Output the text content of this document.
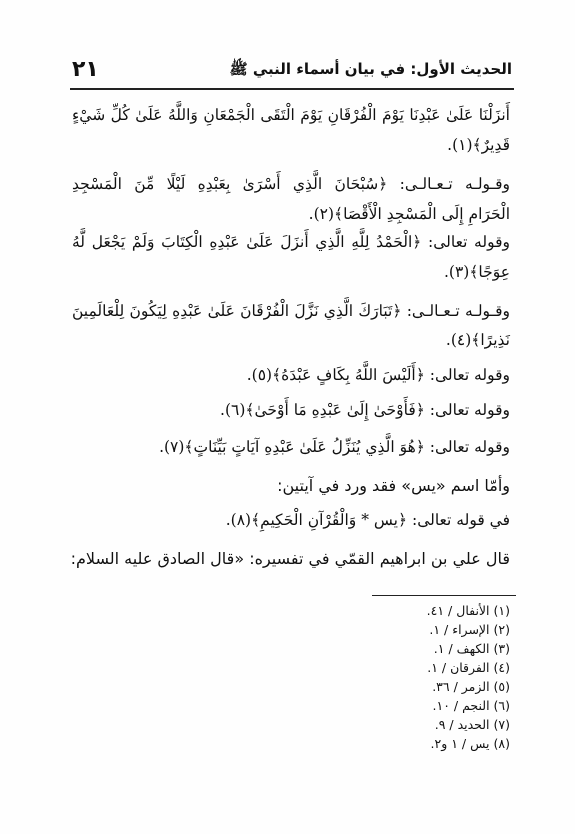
٢١	الحديث الأول: في بيان أسماء النبي ﷺ
أَنزَلْنَا عَلَىٰ عَبْدِنَا يَوْمَ الْفُرْقَانِ يَوْمَ الْتَقَى الْجَمْعَانِ وَاللَّهُ عَلَىٰ كُلِّ شَيْءٍ
قَدِيرٌ﴾(١).
وقـولـه تـعـالـى: ﴿سُبْحَانَ الَّذِي أَسْرَىٰ بِعَبْدِهِ لَيْلًا مِّنَ الْمَسْجِدِ
الْحَرَامِ إِلَى الْمَسْجِدِ الْأَقْصَا﴾(٢).
وقوله تعالى: ﴿الْحَمْدُ لِلَّهِ الَّذِي أَنزَلَ عَلَىٰ عَبْدِهِ الْكِتَابَ وَلَمْ يَجْعَل لَّهُ
عِوَجًا﴾(٣).
وقـولـه تـعـالـى: ﴿تَبَارَكَ الَّذِي نَزَّلَ الْفُرْقَانَ عَلَىٰ عَبْدِهِ لِيَكُونَ لِلْعَالَمِينَ
نَذِيرًا﴾(٤).
وقوله تعالى: ﴿أَلَيْسَ اللَّهُ بِكَافٍ عَبْدَهُ﴾(٥).
وقوله تعالى: ﴿فَأَوْحَىٰ إِلَىٰ عَبْدِهِ مَا أَوْحَىٰ﴾(٦).
وقوله تعالى: ﴿هُوَ الَّذِي يُنَزِّلُ عَلَىٰ عَبْدِهِ آيَاتٍ بَيِّنَاتٍ﴾(٧).
وأمّا اسم «يس» فقد ورد في آيتين:
في قوله تعالى: ﴿يس * وَالْقُرْآنِ الْحَكِيمِ﴾(٨).
قال علي بن ابراهيم القمّي في تفسيره: «قال الصادق عليه السلام:
(١) الأنفال / ٤١.
(٢) الإسراء / ١.
(٣) الكهف / ١.
(٤) الفرقان / ١.
(٥) الزمر / ٣٦.
(٦) النجم / ١٠.
(٧) الحديد / ٩.
(٨) يس / ١ و٢.
